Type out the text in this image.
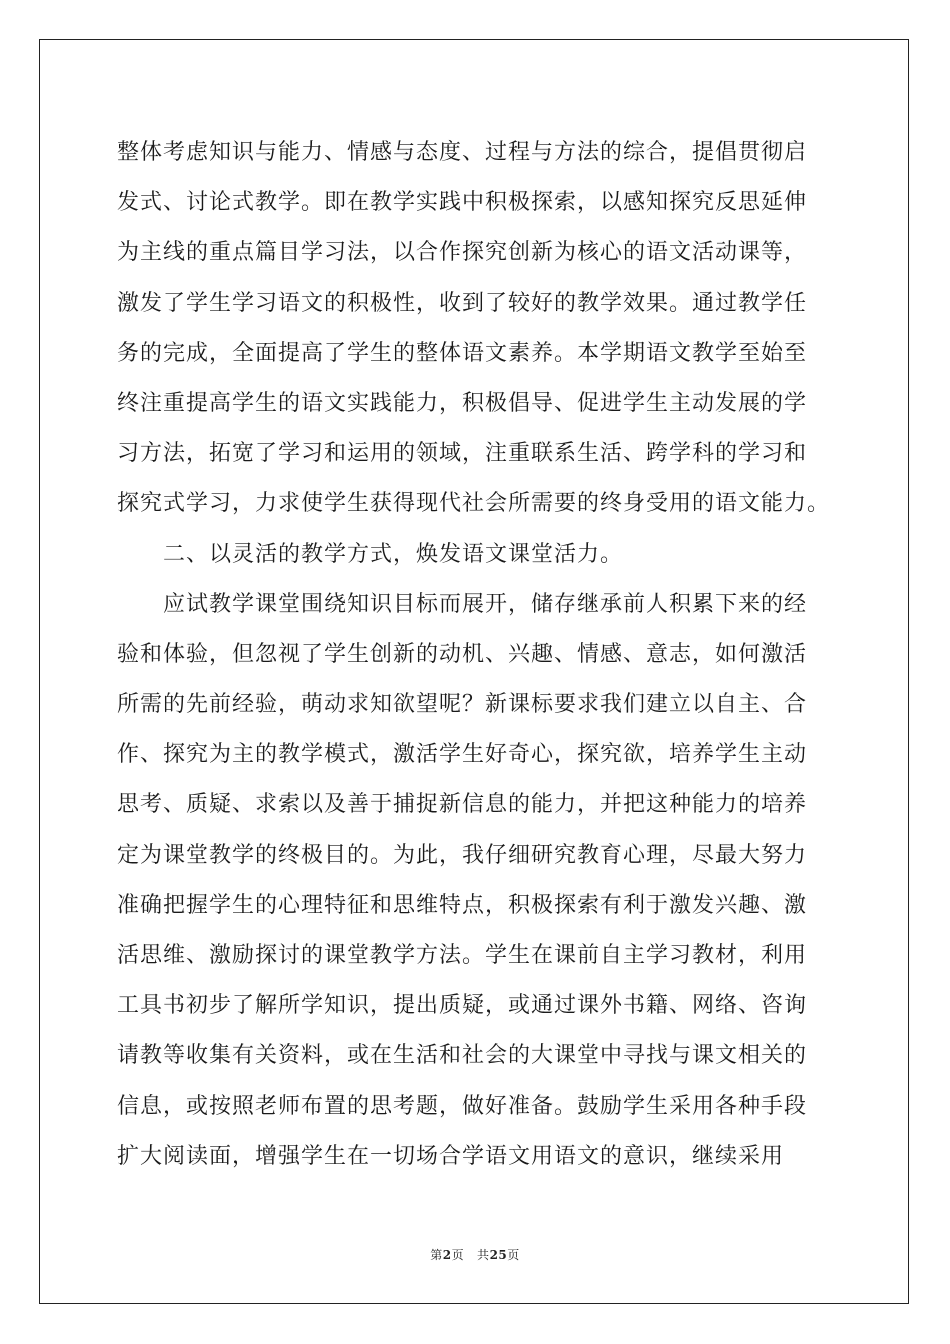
整体考虑知识与能力、情感与态度、过程与方法的综合，提倡贯彻启
发式、讨论式教学。即在教学实践中积极探索，以感知探究反思延伸
为主线的重点篇目学习法，以合作探究创新为核心的语文活动课等，
激发了学生学习语文的积极性，收到了较好的教学效果。通过教学任
务的完成，全面提高了学生的整体语文素养。本学期语文教学至始至
终注重提高学生的语文实践能力，积极倡导、促进学生主动发展的学
习方法，拓宽了学习和运用的领域，注重联系生活、跨学科的学习和
探究式学习，力求使学生获得现代社会所需要的终身受用的语文能力。
　　二、以灵活的教学方式，焕发语文课堂活力。
　　应试教学课堂围绕知识目标而展开，储存继承前人积累下来的经
验和体验，但忽视了学生创新的动机、兴趣、情感、意志，如何激活
所需的先前经验，萌动求知欲望呢？新课标要求我们建立以自主、合
作、探究为主的教学模式，激活学生好奇心，探究欲，培养学生主动
思考、质疑、求索以及善于捕捉新信息的能力，并把这种能力的培养
定为课堂教学的终极目的。为此，我仔细研究教育心理，尽最大努力
准确把握学生的心理特征和思维特点，积极探索有利于激发兴趣、激
活思维、激励探讨的课堂教学方法。学生在课前自主学习教材，利用
工具书初步了解所学知识，提出质疑，或通过课外书籍、网络、咨询
请教等收集有关资料，或在生活和社会的大课堂中寻找与课文相关的
信息，或按照老师布置的思考题，做好准备。鼓励学生采用各种手段
扩大阅读面，增强学生在一切场合学语文用语文的意识，继续采用
第2页 共25页
